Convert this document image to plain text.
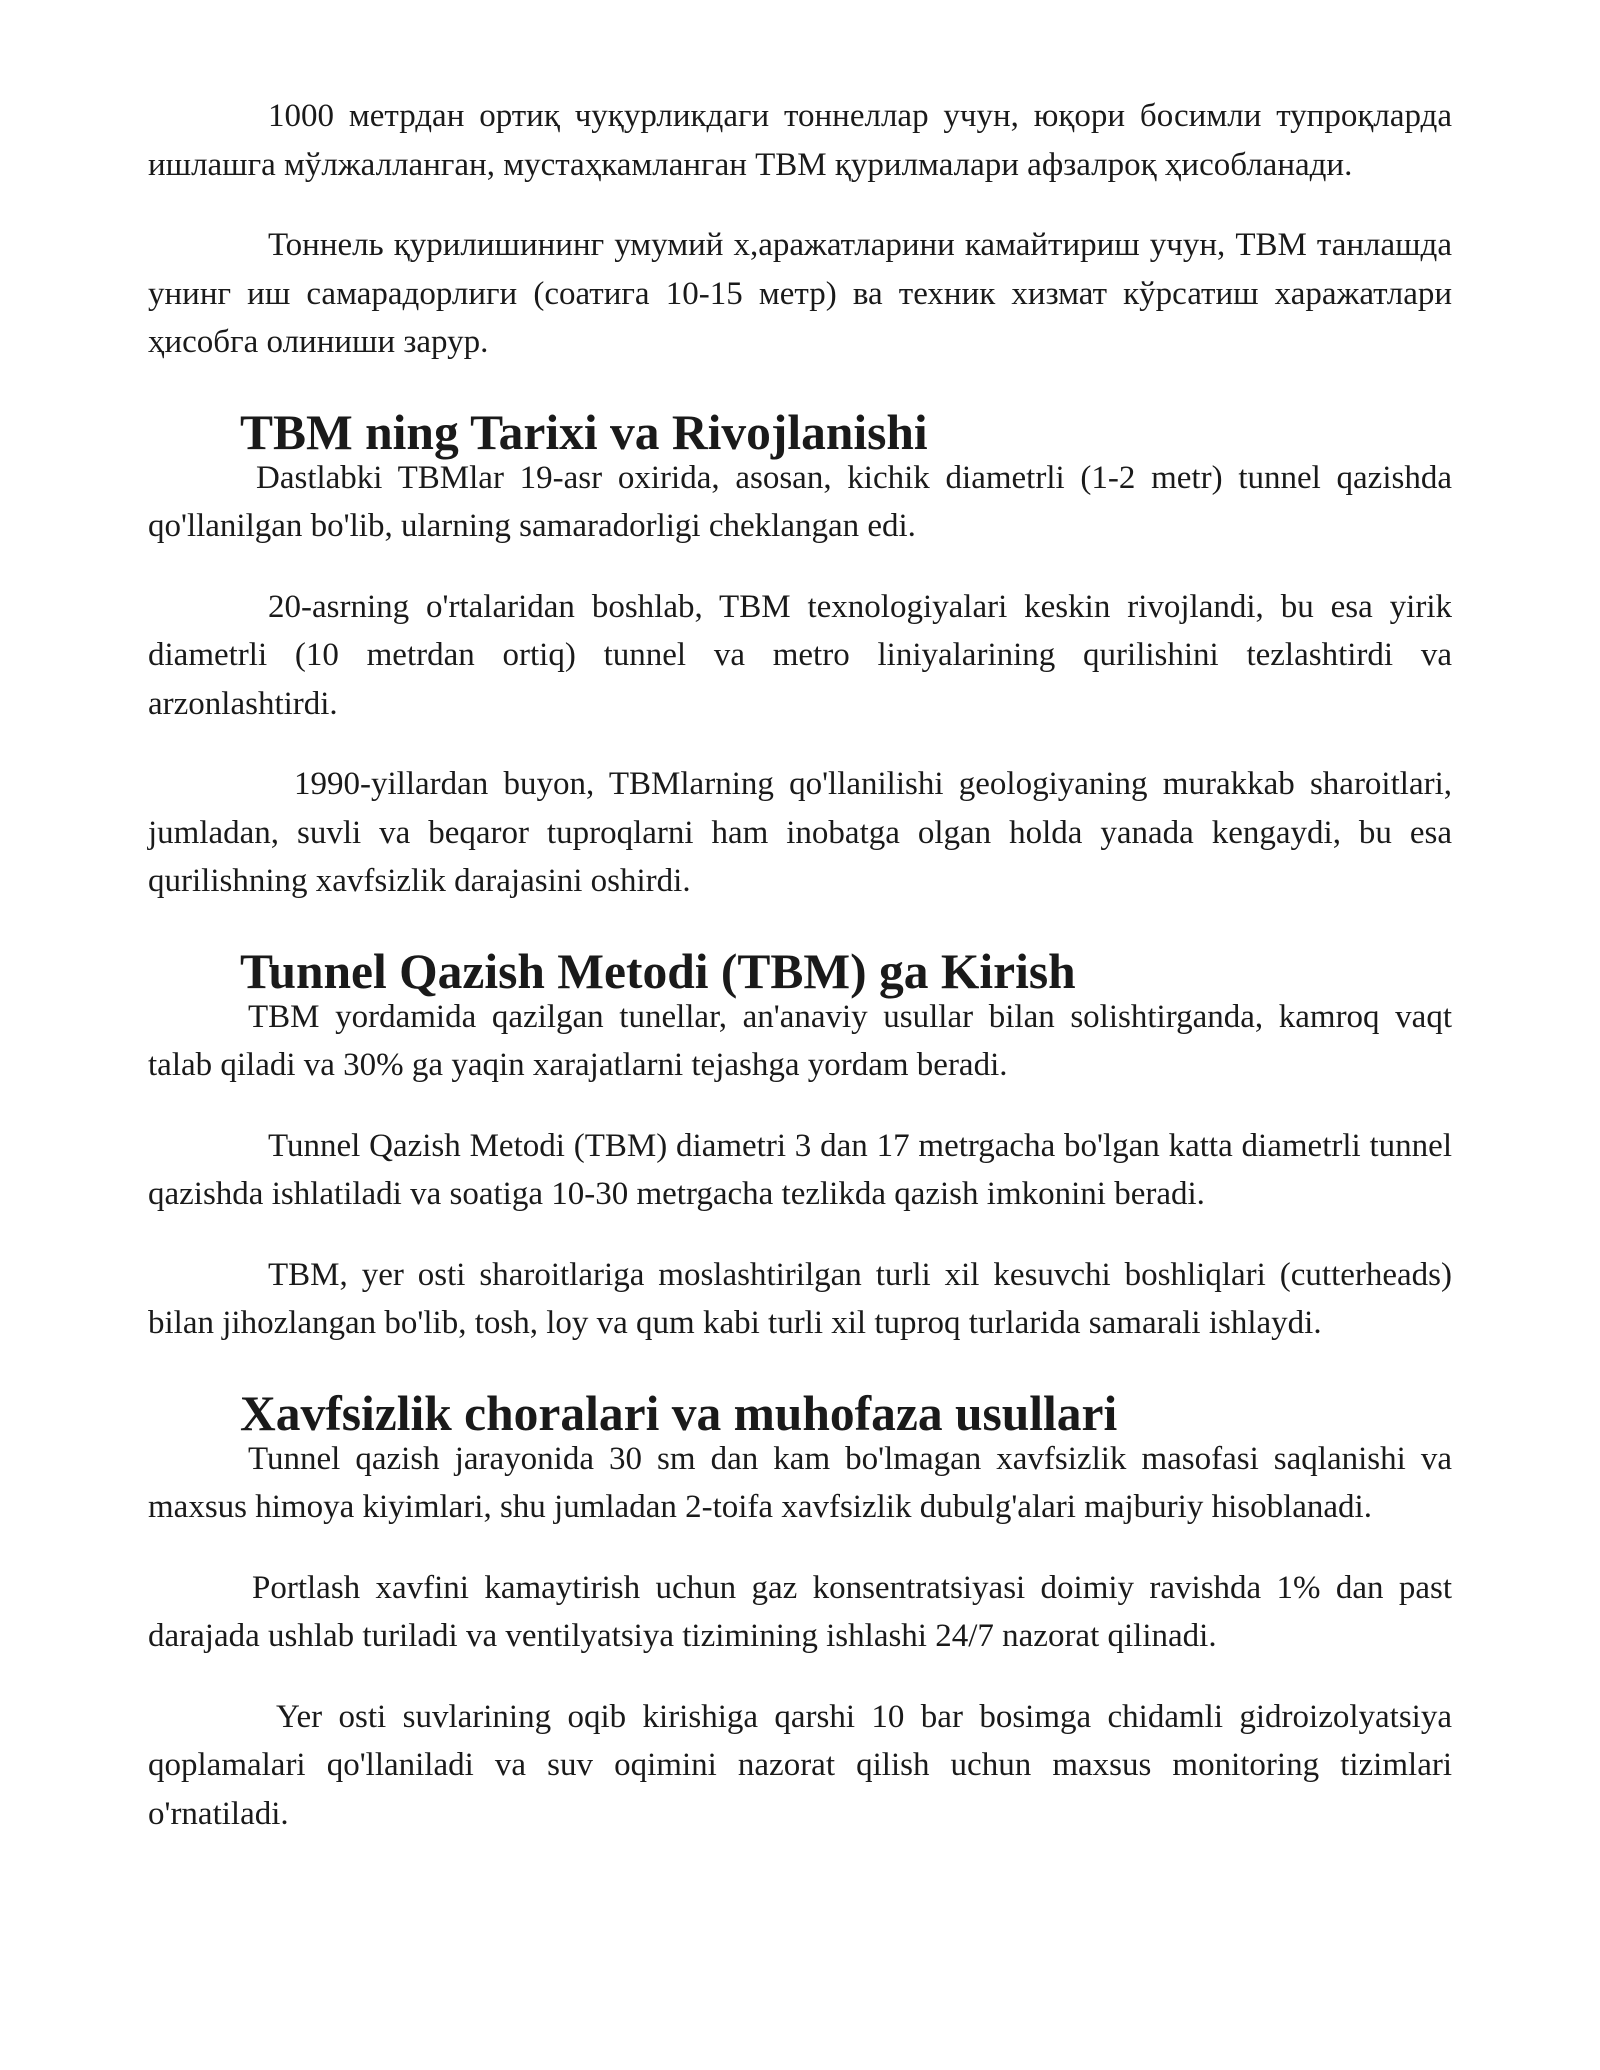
1000 метрдан ортиқ чуқурликдаги тоннеллар учун, юқори босимли тупроқларда ишлашга мўлжалланган, мустаҳкамланган ТВМ қурилмалари афзалроқ ҳисобланади.

Тоннель қурилишининг умумий х,аражатларини камайтириш учун, ТВМ танлашда унинг иш самарадорлиги (соатига 10-15 метр) ва техник хизмат кўрсатиш харажатлари ҳисобга олиниши зарур.

TBM ning Tarixi va Rivojlanishi

Dastlabki TBMlar 19-asr oxirida, asosan, kichik diametrli (1-2 metr) tunnel qazishda qo'llanilgan bo'lib, ularning samaradorligi cheklangan edi.

20-asrning o'rtalaridan boshlab, TBM texnologiyalari keskin rivojlandi, bu esa yirik diametrli (10 metrdan ortiq) tunnel va metro liniyalarining qurilishini tezlashtirdi va arzonlashtirdi.

1990-yillardan buyon, TBMlarning qo'llanilishi geologiyaning murakkab sharoitlari, jumladan, suvli va beqaror tuproqlarni ham inobatga olgan holda yanada kengaydi, bu esa qurilishning xavfsizlik darajasini oshirdi.

Tunnel Qazish Metodi (TBM) ga Kirish

TBM yordamida qazilgan tunellar, an'anaviy usullar bilan solishtirganda, kamroq vaqt talab qiladi va 30% ga yaqin xarajatlarni tejashga yordam beradi.

Tunnel Qazish Metodi (TBM) diametri 3 dan 17 metrgacha bo'lgan katta diametrli tunnel qazishda ishlatiladi va soatiga 10-30 metrgacha tezlikda qazish imkonini beradi.

TBM, yer osti sharoitlariga moslashtirilgan turli xil kesuvchi boshliqlari (cutterheads) bilan jihozlangan bo'lib, tosh, loy va qum kabi turli xil tuproq turlarida samarali ishlaydi.

Xavfsizlik choralari va muhofaza usullari

Tunnel qazish jarayonida 30 sm dan kam bo'lmagan xavfsizlik masofasi saqlanishi va maxsus himoya kiyimlari, shu jumladan 2-toifa xavfsizlik dubulg'alari majburiy hisoblanadi.

Portlash xavfini kamaytirish uchun gaz konsentratsiyasi doimiy ravishda 1% dan past darajada ushlab turiladi va ventilyatsiya tizimining ishlashi 24/7 nazorat qilinadi.

Yer osti suvlarining oqib kirishiga qarshi 10 bar bosimga chidamli gidroizolyatsiya qoplamalari qo'llaniladi va suv oqimini nazorat qilish uchun maxsus monitoring tizimlari o'rnatiladi.
